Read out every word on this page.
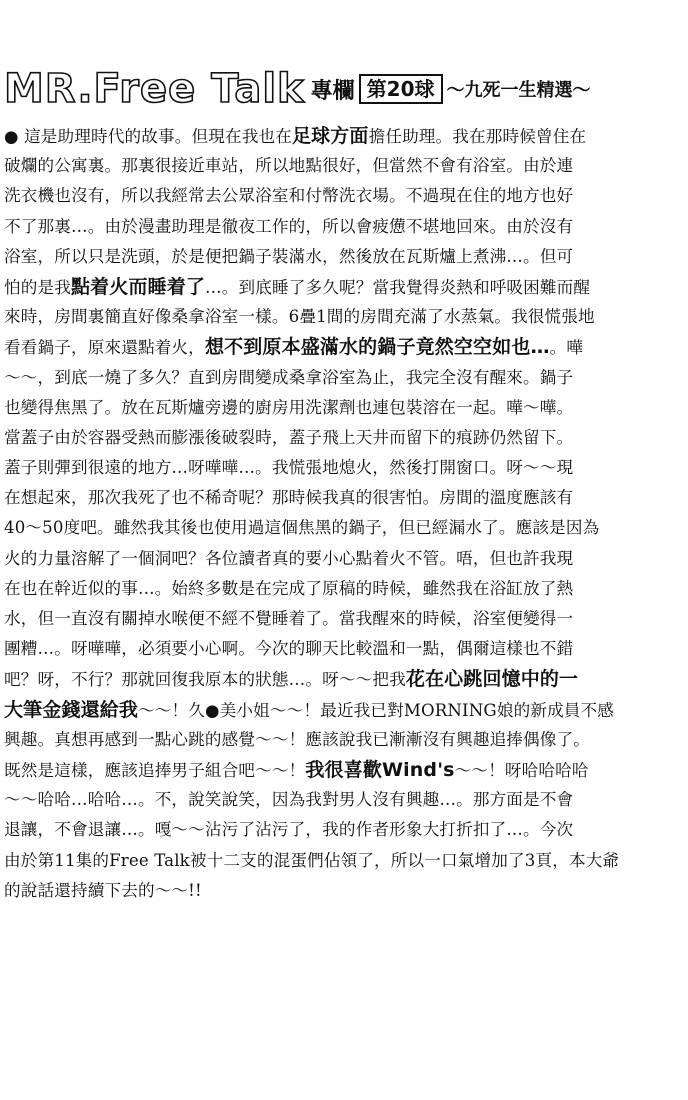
MR.Free Talk 專欄 第20球 ～九死一生精選～
● 這是助理時代的故事。但現在我也在足球方面擔任助理。我在那時候曾住在
破爛的公寓裏。那裏很接近車站，所以地點很好，但當然不會有浴室。由於連
洗衣機也沒有，所以我經常去公眾浴室和付幣洗衣場。不過現在住的地方也好
不了那裏…。由於漫畫助理是徹夜工作的，所以會疲憊不堪地回來。由於沒有
浴室，所以只是洗頭，於是便把鍋子裝滿水，然後放在瓦斯爐上煮沸…。但可
怕的是我點着火而睡着了…。到底睡了多久呢？當我覺得炎熱和呼吸困難而醒
來時，房間裏簡直好像桑拿浴室一樣。6疊1間的房間充滿了水蒸氣。我很慌張地
看看鍋子，原來還點着火，想不到原本盛滿水的鍋子竟然空空如也…。嘩
～～，到底一燒了多久？直到房間變成桑拿浴室為止，我完全沒有醒來。鍋子
也變得焦黑了。放在瓦斯爐旁邊的廚房用洗潔劑也連包裝溶在一起。嘩～嘩。
當蓋子由於容器受熱而膨漲後破裂時，蓋子飛上天井而留下的痕跡仍然留下。
蓋子則彈到很遠的地方…呀嘩嘩…。我慌張地熄火，然後打開窗口。呀～～現
在想起來，那次我死了也不稀奇呢？那時候我真的很害怕。房間的溫度應該有
40～50度吧。雖然我其後也使用過這個焦黑的鍋子，但已經漏水了。應該是因為
火的力量溶解了一個洞吧？各位讀者真的要小心點着火不管。唔，但也許我現
在也在幹近似的事…。始終多數是在完成了原稿的時候，雖然我在浴缸放了熱
水，但一直沒有關掉水喉便不經不覺睡着了。當我醒來的時候，浴室便變得一
團糟…。呀嘩嘩，必須要小心啊。今次的聊天比較溫和一點，偶爾這樣也不錯
吧？呀，不行？那就回復我原本的狀態…。呀～～把我花在心跳回憶中的一
大筆金錢還給我～～！久●美小姐～～！最近我已對MORNING娘的新成員不感
興趣。真想再感到一點心跳的感覺～～！應該說我已漸漸沒有興趣追捧偶像了。
既然是這樣，應該追捧男子組合吧～～！我很喜歡Wind's～～！呀哈哈哈哈
～～哈哈…哈哈…。不，說笑說笑，因為我對男人沒有興趣…。那方面是不會
退讓，不會退讓…。嘎～～沾污了沾污了，我的作者形象大打折扣了…。今次
由於第11集的Free Talk被十二支的混蛋們佔領了，所以一口氣增加了3頁，本大爺
的說話還持續下去的～～!!
